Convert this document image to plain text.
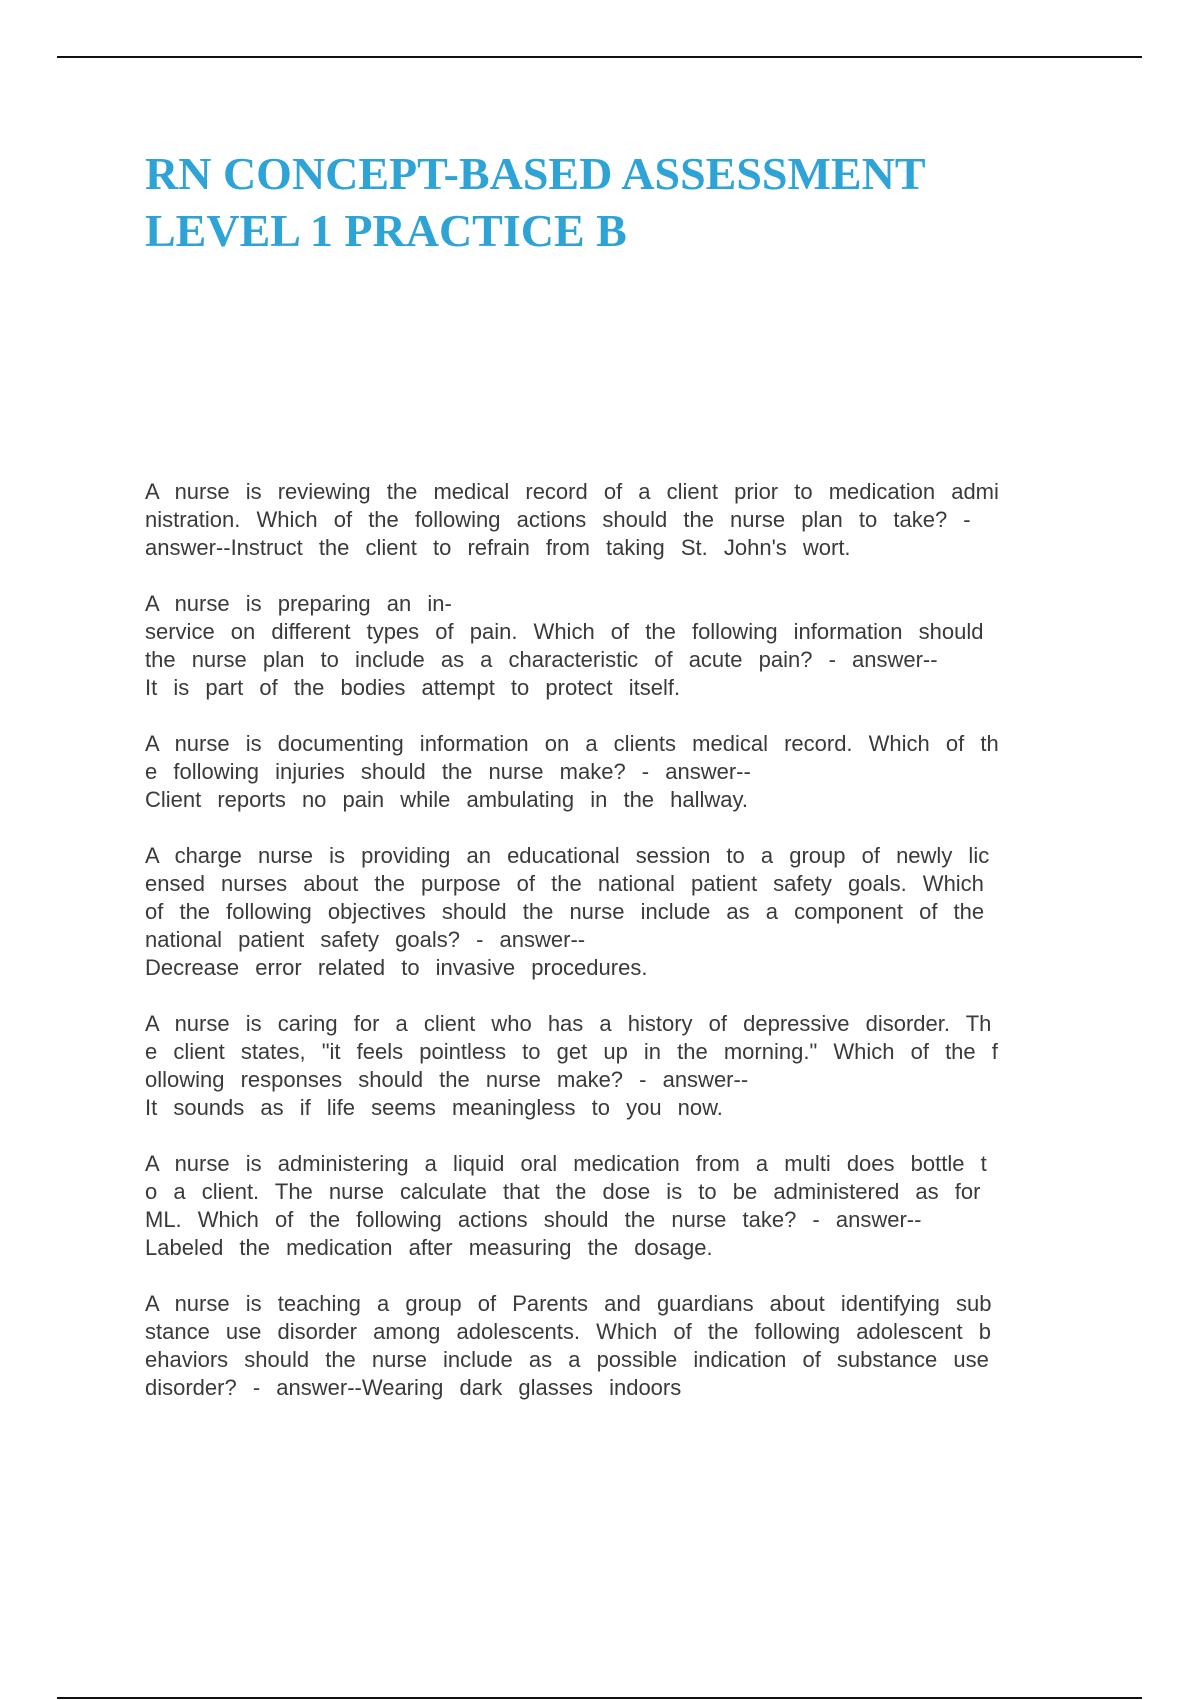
RN CONCEPT-BASED ASSESSMENT
LEVEL 1 PRACTICE B

A nurse is reviewing the medical record of a client prior to medication admi
nistration. Which of the following actions should the nurse plan to take? -
answer--Instruct the client to refrain from taking St. John's wort.

A nurse is preparing an in-
service on different types of pain. Which of the following information should
the nurse plan to include as a characteristic of acute pain? - answer--
It is part of the bodies attempt to protect itself.

A nurse is documenting information on a clients medical record. Which of th
e following injuries should the nurse make? - answer--
Client reports no pain while ambulating in the hallway.

A charge nurse is providing an educational session to a group of newly lic
ensed nurses about the purpose of the national patient safety goals. Which
of the following objectives should the nurse include as a component of the
national patient safety goals? - answer--
Decrease error related to invasive procedures.

A nurse is caring for a client who has a history of depressive disorder. Th
e client states, "it feels pointless to get up in the morning." Which of the f
ollowing responses should the nurse make? - answer--
It sounds as if life seems meaningless to you now.

A nurse is administering a liquid oral medication from a multi does bottle t
o a client. The nurse calculate that the dose is to be administered as for
ML. Which of the following actions should the nurse take? - answer--
Labeled the medication after measuring the dosage.

A nurse is teaching a group of Parents and guardians about identifying sub
stance use disorder among adolescents. Which of the following adolescent b
ehaviors should the nurse include as a possible indication of substance use
disorder? - answer--Wearing dark glasses indoors
